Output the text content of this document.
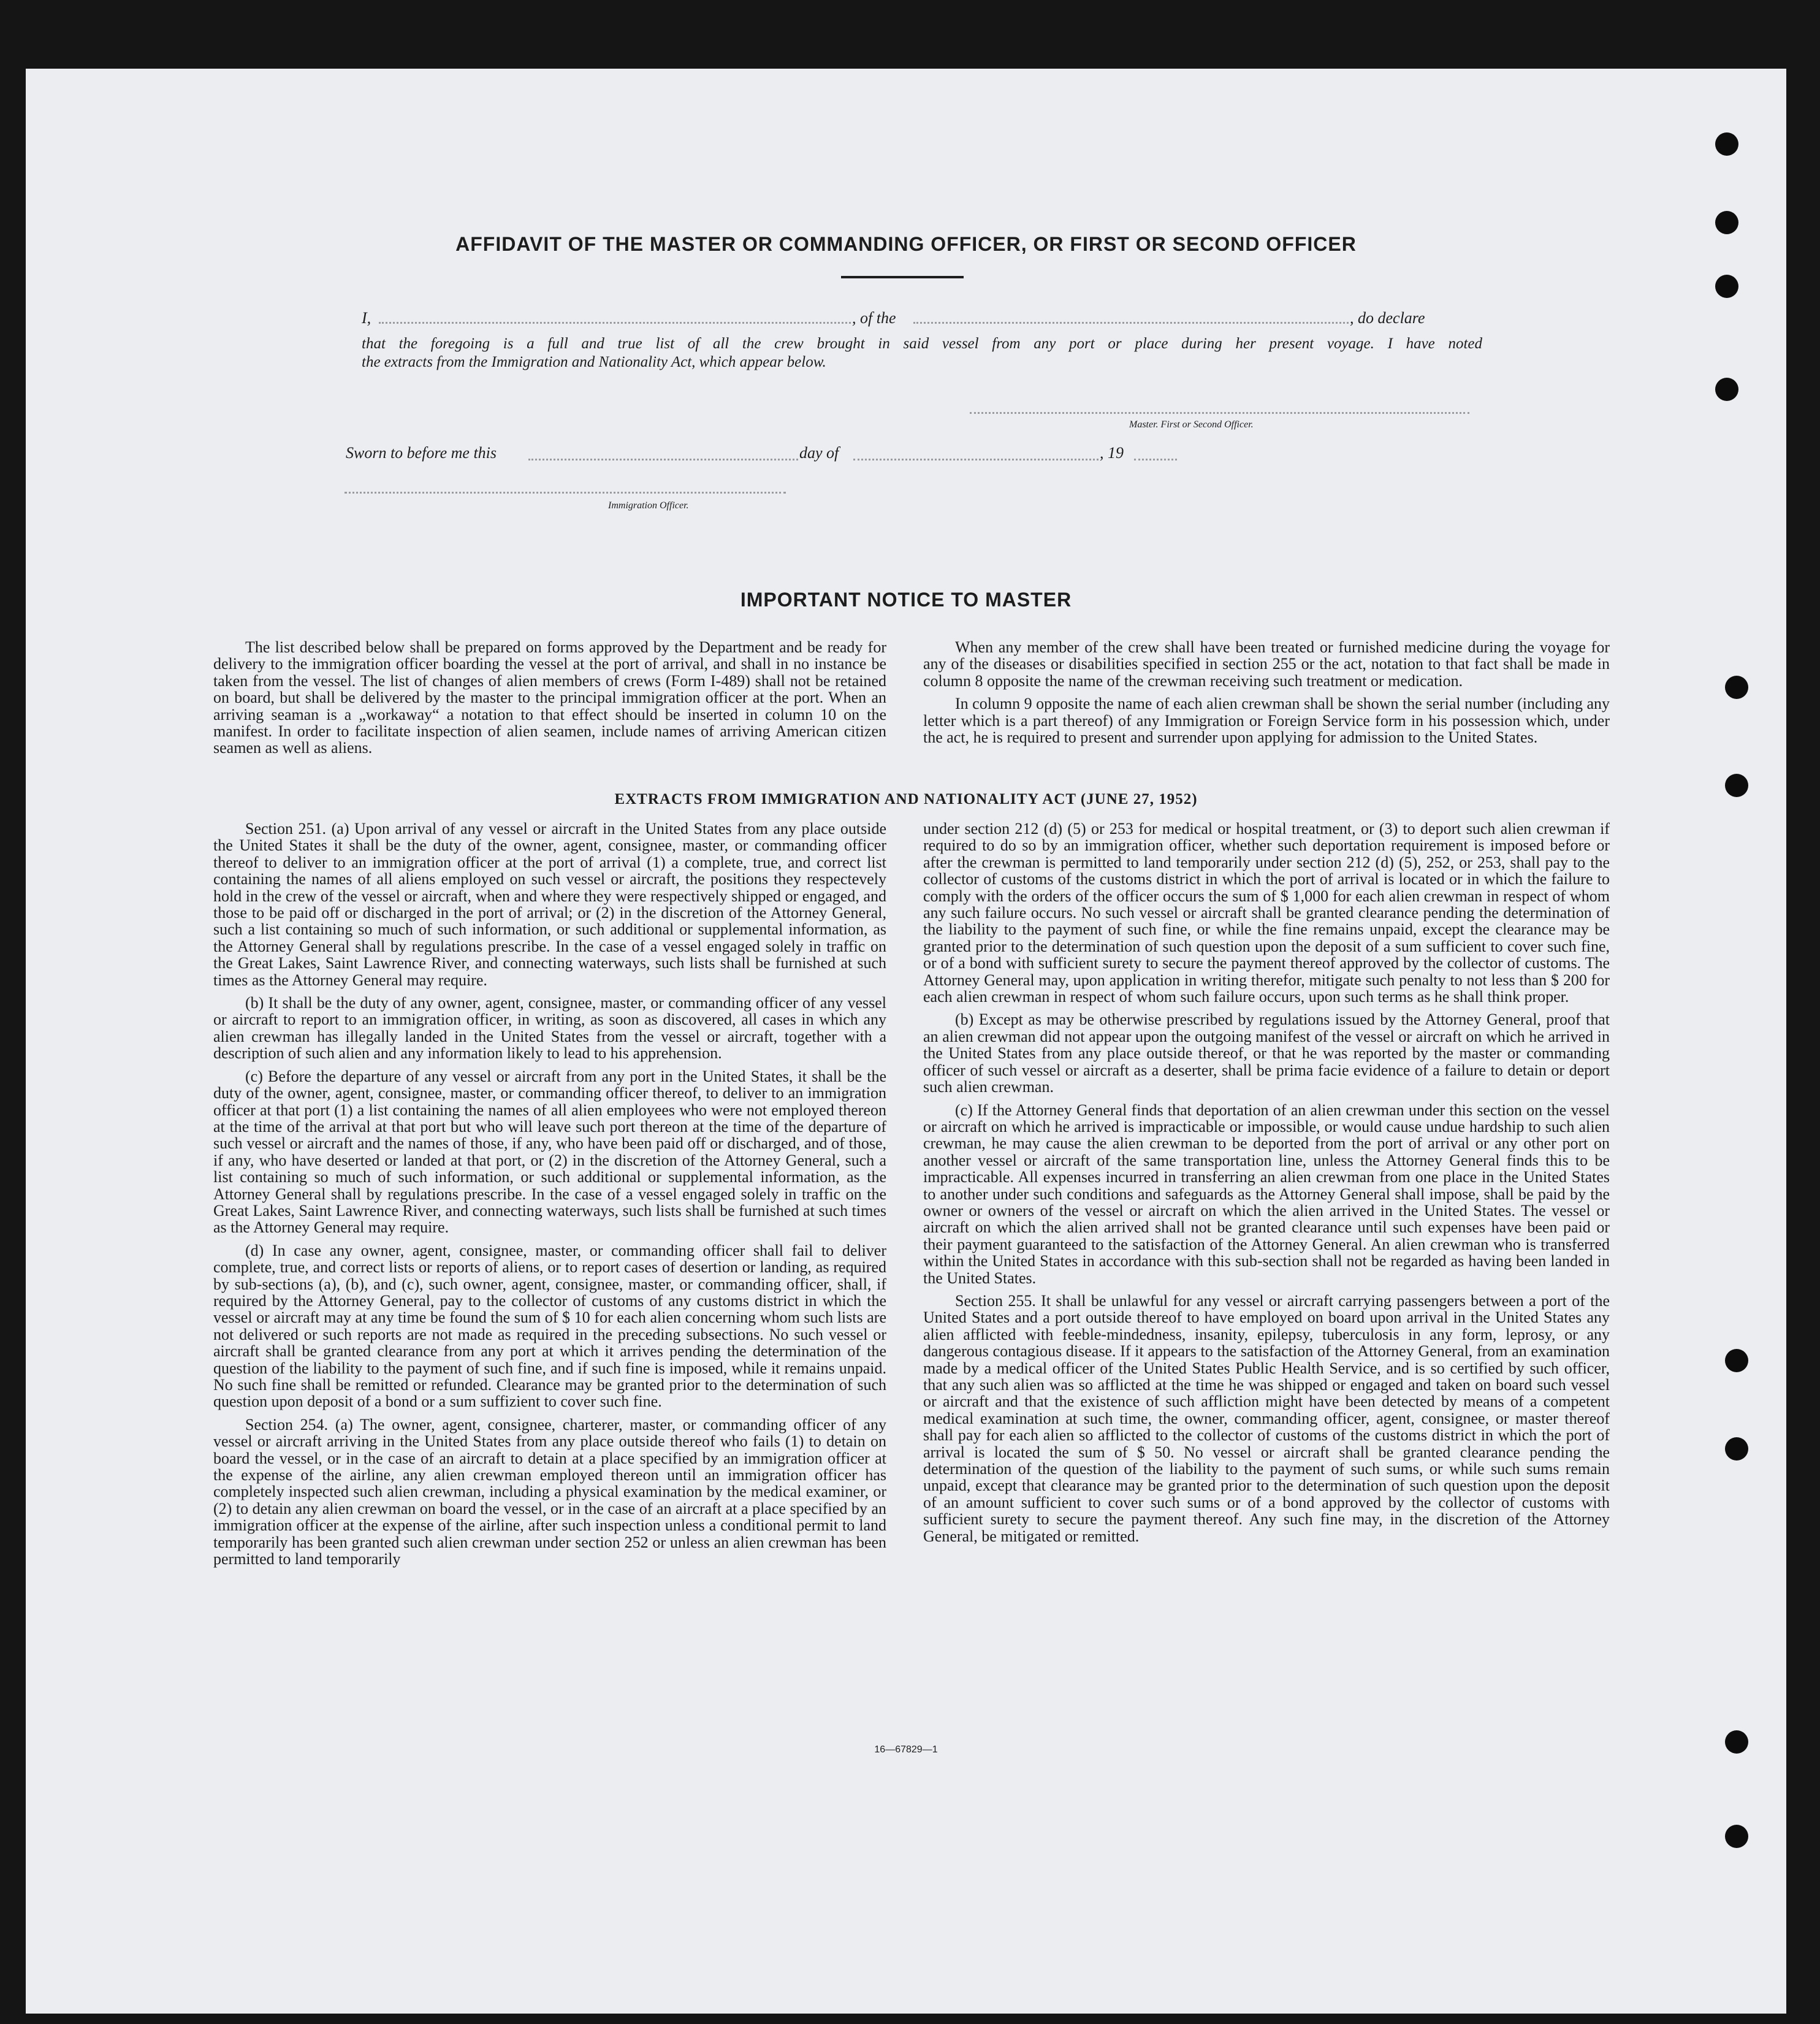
AFFIDAVIT OF THE MASTER OR COMMANDING OFFICER, OR FIRST OR SECOND OFFICER
I,	, of the	, do declare
that the foregoing is a full and true list of all the crew brought in said vessel from any port or place during her present voyage. I have noted
the extracts from the Immigration and Nationality Act, which appear below.
Master. First or Second Officer.
Sworn to before me this	day of	, 19
Immigration Officer.
IMPORTANT NOTICE TO MASTER

The list described below shall be prepared on forms approved by the Department and be ready for delivery to the immigration officer boarding the vessel at the port of arrival, and shall in no instance be taken from the vessel. The list of changes of alien members of crews (Form I-489) shall not be retained on board, but shall be delivered by the master to the principal immigration officer at the port. When an arriving seaman is a „workaway“ a notation to that effect should be inserted in column 10 on the manifest. In order to facilitate inspection of alien seamen, include names of arriving American citizen seamen as well as aliens.

When any member of the crew shall have been treated or furnished medicine during the voyage for any of the diseases or disabilities specified in section 255 or the act, notation to that fact shall be made in column 8 opposite the name of the crewman receiving such treatment or medication.

In column 9 opposite the name of each alien crewman shall be shown the serial number (including any letter which is a part thereof) of any Immigration or Foreign Service form in his possession which, under the act, he is required to present and surrender upon applying for admission to the United States.

EXTRACTS FROM IMMIGRATION AND NATIONALITY ACT (JUNE 27, 1952)

Section 251. (a) Upon arrival of any vessel or aircraft in the United States from any place outside the United States it shall be the duty of the owner, agent, consignee, master, or commanding officer thereof to deliver to an immigration officer at the port of arrival (1) a complete, true, and correct list containing the names of all aliens employed on such vessel or aircraft, the positions they respectevely hold in the crew of the vessel or aircraft, when and where they were respectively shipped or engaged, and those to be paid off or discharged in the port of arrival; or (2) in the discretion of the Attorney General, such a list containing so much of such information, or such additional or supplemental information, as the Attorney General shall by regulations prescribe. In the case of a vessel engaged solely in traffic on the Great Lakes, Saint Lawrence River, and connecting waterways, such lists shall be furnished at such times as the Attorney General may require.

(b) It shall be the duty of any owner, agent, consignee, master, or commanding officer of any vessel or aircraft to report to an immigration officer, in writing, as soon as discovered, all cases in which any alien crewman has illegally landed in the United States from the vessel or aircraft, together with a description of such alien and any information likely to lead to his apprehension.

(c) Before the departure of any vessel or aircraft from any port in the United States, it shall be the duty of the owner, agent, consignee, master, or commanding officer thereof, to deliver to an immigration officer at that port (1) a list containing the names of all alien employees who were not employed thereon at the time of the arrival at that port but who will leave such port thereon at the time of the departure of such vessel or aircraft and the names of those, if any, who have been paid off or discharged, and of those, if any, who have deserted or landed at that port, or (2) in the discretion of the Attorney General, such a list containing so much of such information, or such additional or supplemental information, as the Attorney General shall by regulations prescribe. In the case of a vessel engaged solely in traffic on the Great Lakes, Saint Lawrence River, and connecting waterways, such lists shall be furnished at such times as the Attorney General may require.

(d) In case any owner, agent, consignee, master, or commanding officer shall fail to deliver complete, true, and correct lists or reports of aliens, or to report cases of desertion or landing, as required by sub-sections (a), (b), and (c), such owner, agent, consignee, master, or commanding officer, shall, if required by the Attorney General, pay to the collector of customs of any customs district in which the vessel or aircraft may at any time be found the sum of $ 10 for each alien concerning whom such lists are not delivered or such reports are not made as required in the preceding subsections. No such vessel or aircraft shall be granted clearance from any port at which it arrives pending the determination of the question of the liability to the payment of such fine, and if such fine is imposed, while it remains unpaid. No such fine shall be remitted or refunded. Clearance may be granted prior to the determination of such question upon deposit of a bond or a sum suffizient to cover such fine.

Section 254. (a) The owner, agent, consignee, charterer, master, or commanding officer of any vessel or aircraft arriving in the United States from any place outside thereof who fails (1) to detain on board the vessel, or in the case of an aircraft to detain at a place specified by an immigration officer at the expense of the airline, any alien crewman employed thereon until an immigration officer has completely inspected such alien crewman, including a physical examination by the medical examiner, or (2) to detain any alien crewman on board the vessel, or in the case of an aircraft at a place specified by an immigration officer at the expense of the airline, after such inspection unless a conditional permit to land temporarily has been granted such alien crewman under section 252 or unless an alien crewman has been permitted to land temporarily

under section 212 (d) (5) or 253 for medical or hospital treatment, or (3) to deport such alien crewman if required to do so by an immigration officer, whether such deportation requirement is imposed before or after the crewman is permitted to land temporarily under section 212 (d) (5), 252, or 253, shall pay to the collector of customs of the customs district in which the port of arrival is located or in which the failure to comply with the orders of the officer occurs the sum of $ 1,000 for each alien crewman in respect of whom any such failure occurs. No such vessel or aircraft shall be granted clearance pending the determination of the liability to the payment of such fine, or while the fine remains unpaid, except the clearance may be granted prior to the determination of such question upon the deposit of a sum sufficient to cover such fine, or of a bond with sufficient surety to secure the payment thereof approved by the collector of customs. The Attorney General may, upon application in writing therefor, mitigate such penalty to not less than $ 200 for each alien crewman in respect of whom such failure occurs, upon such terms as he shall think proper.

(b) Except as may be otherwise prescribed by regulations issued by the Attorney General, proof that an alien crewman did not appear upon the outgoing manifest of the vessel or aircraft on which he arrived in the United States from any place outside thereof, or that he was reported by the master or commanding officer of such vessel or aircraft as a deserter, shall be prima facie evidence of a failure to detain or deport such alien crewman.

(c) If the Attorney General finds that deportation of an alien crewman under this section on the vessel or aircraft on which he arrived is impracticable or impossible, or would cause undue hardship to such alien crewman, he may cause the alien crewman to be deported from the port of arrival or any other port on another vessel or aircraft of the same transportation line, unless the Attorney General finds this to be impracticable. All expenses incurred in transferring an alien crewman from one place in the United States to another under such conditions and safeguards as the Attorney General shall impose, shall be paid by the owner or owners of the vessel or aircraft on which the alien arrived in the United States. The vessel or aircraft on which the alien arrived shall not be granted clearance until such expenses have been paid or their payment guaranteed to the satisfaction of the Attorney General. An alien crewman who is transferred within the United States in accordance with this sub-section shall not be regarded as having been landed in the United States.

Section 255. It shall be unlawful for any vessel or aircraft carrying passengers between a port of the United States and a port outside thereof to have employed on board upon arrival in the United States any alien afflicted with feeble-mindedness, insanity, epilepsy, tuberculosis in any form, leprosy, or any dangerous contagious disease. If it appears to the satisfaction of the Attorney General, from an examination made by a medical officer of the United States Public Health Service, and is so certified by such officer, that any such alien was so afflicted at the time he was shipped or engaged and taken on board such vessel or aircraft and that the existence of such affliction might have been detected by means of a competent medical examination at such time, the owner, commanding officer, agent, consignee, or master thereof shall pay for each alien so afflicted to the collector of customs of the customs district in which the port of arrival is located the sum of $ 50. No vessel or aircraft shall be granted clearance pending the determination of the question of the liability to the payment of such sums, or while such sums remain unpaid, except that clearance may be granted prior to the determination of such question upon the deposit of an amount sufficient to cover such sums or of a bond approved by the collector of customs with sufficient surety to secure the payment thereof. Any such fine may, in the discretion of the Attorney General, be mitigated or remitted.

16—67829—1
